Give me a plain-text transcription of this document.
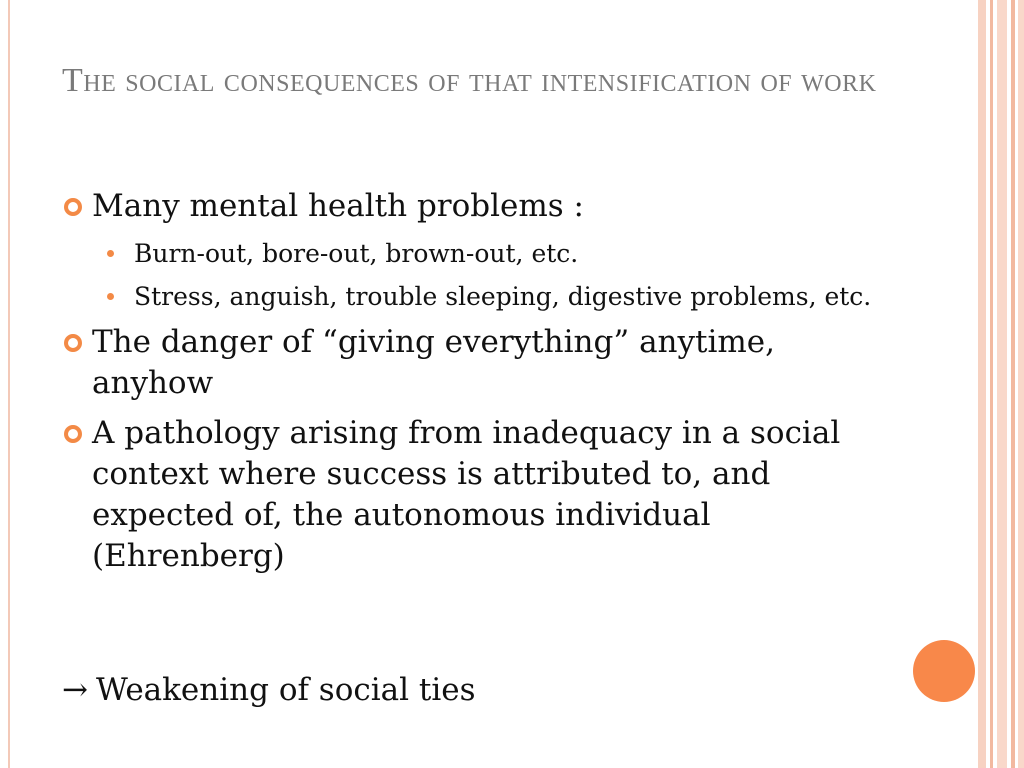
The social consequences of that intensification of work
Many mental health problems :
Burn-out, bore-out, brown-out, etc.
Stress, anguish, trouble sleeping, digestive problems, etc.
The danger of “giving everything” anytime, anyhow
A pathology arising from inadequacy in a social context where success is attributed to, and expected of, the autonomous individual (Ehrenberg)
→ Weakening of social ties
